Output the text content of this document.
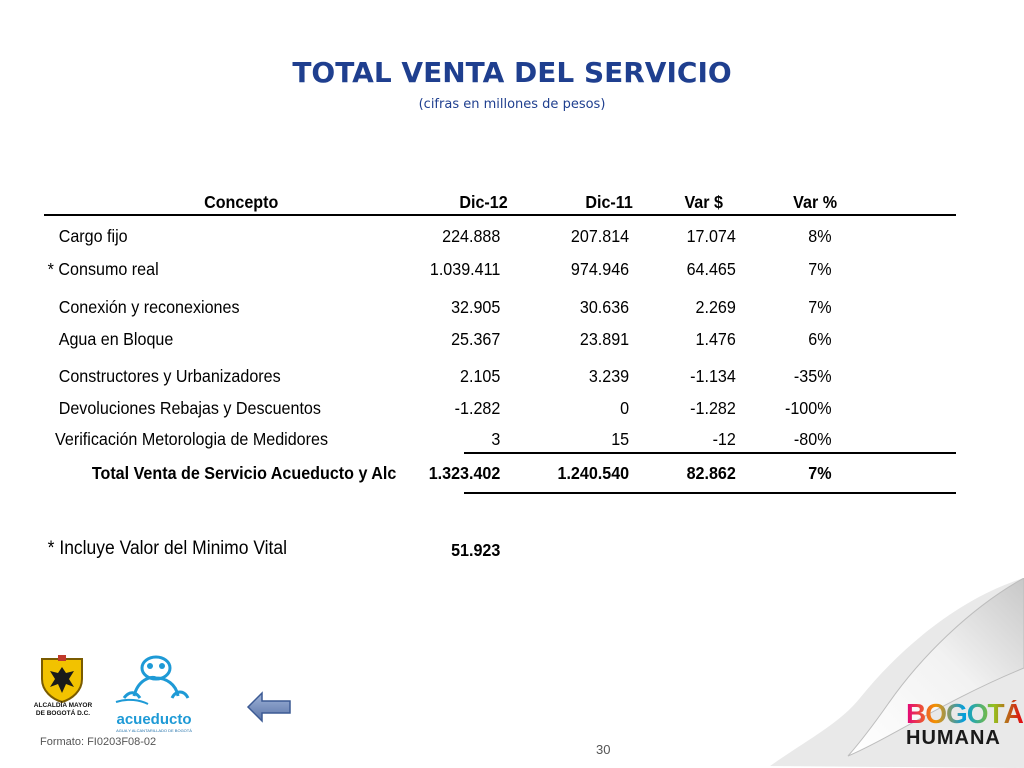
TOTAL VENTA DEL SERVICIO
(cifras en millones de pesos)
Concepto	Dic-12	Dic-11	Var $	Var %
Cargo fijo	224.888	207.814	17.074	8%
* Consumo real	1.039.411	974.946	64.465	7%
Conexión y reconexiones	32.905	30.636	2.269	7%
Agua en Bloque	25.367	23.891	1.476	6%
Constructores y Urbanizadores	2.105	3.239	-1.134	-35%
Devoluciones Rebajas y Descuentos	-1.282	0	-1.282	-100%
Verificación Metorologia de Medidores	3	15	-12	-80%
Total Venta de Servicio Acueducto y Alc 1.323.402	1.240.540	82.862	7%
* Incluye Valor del Minimo Vital	51.923
ALCALDÍA MAYOR
DE BOGOTÁ D.C.	acueducto
AGUA Y ALCANTARILLADO DE BOGOTÁ
Formato: FI0203F08-02	30
BOGOTÁ
HUMANA
